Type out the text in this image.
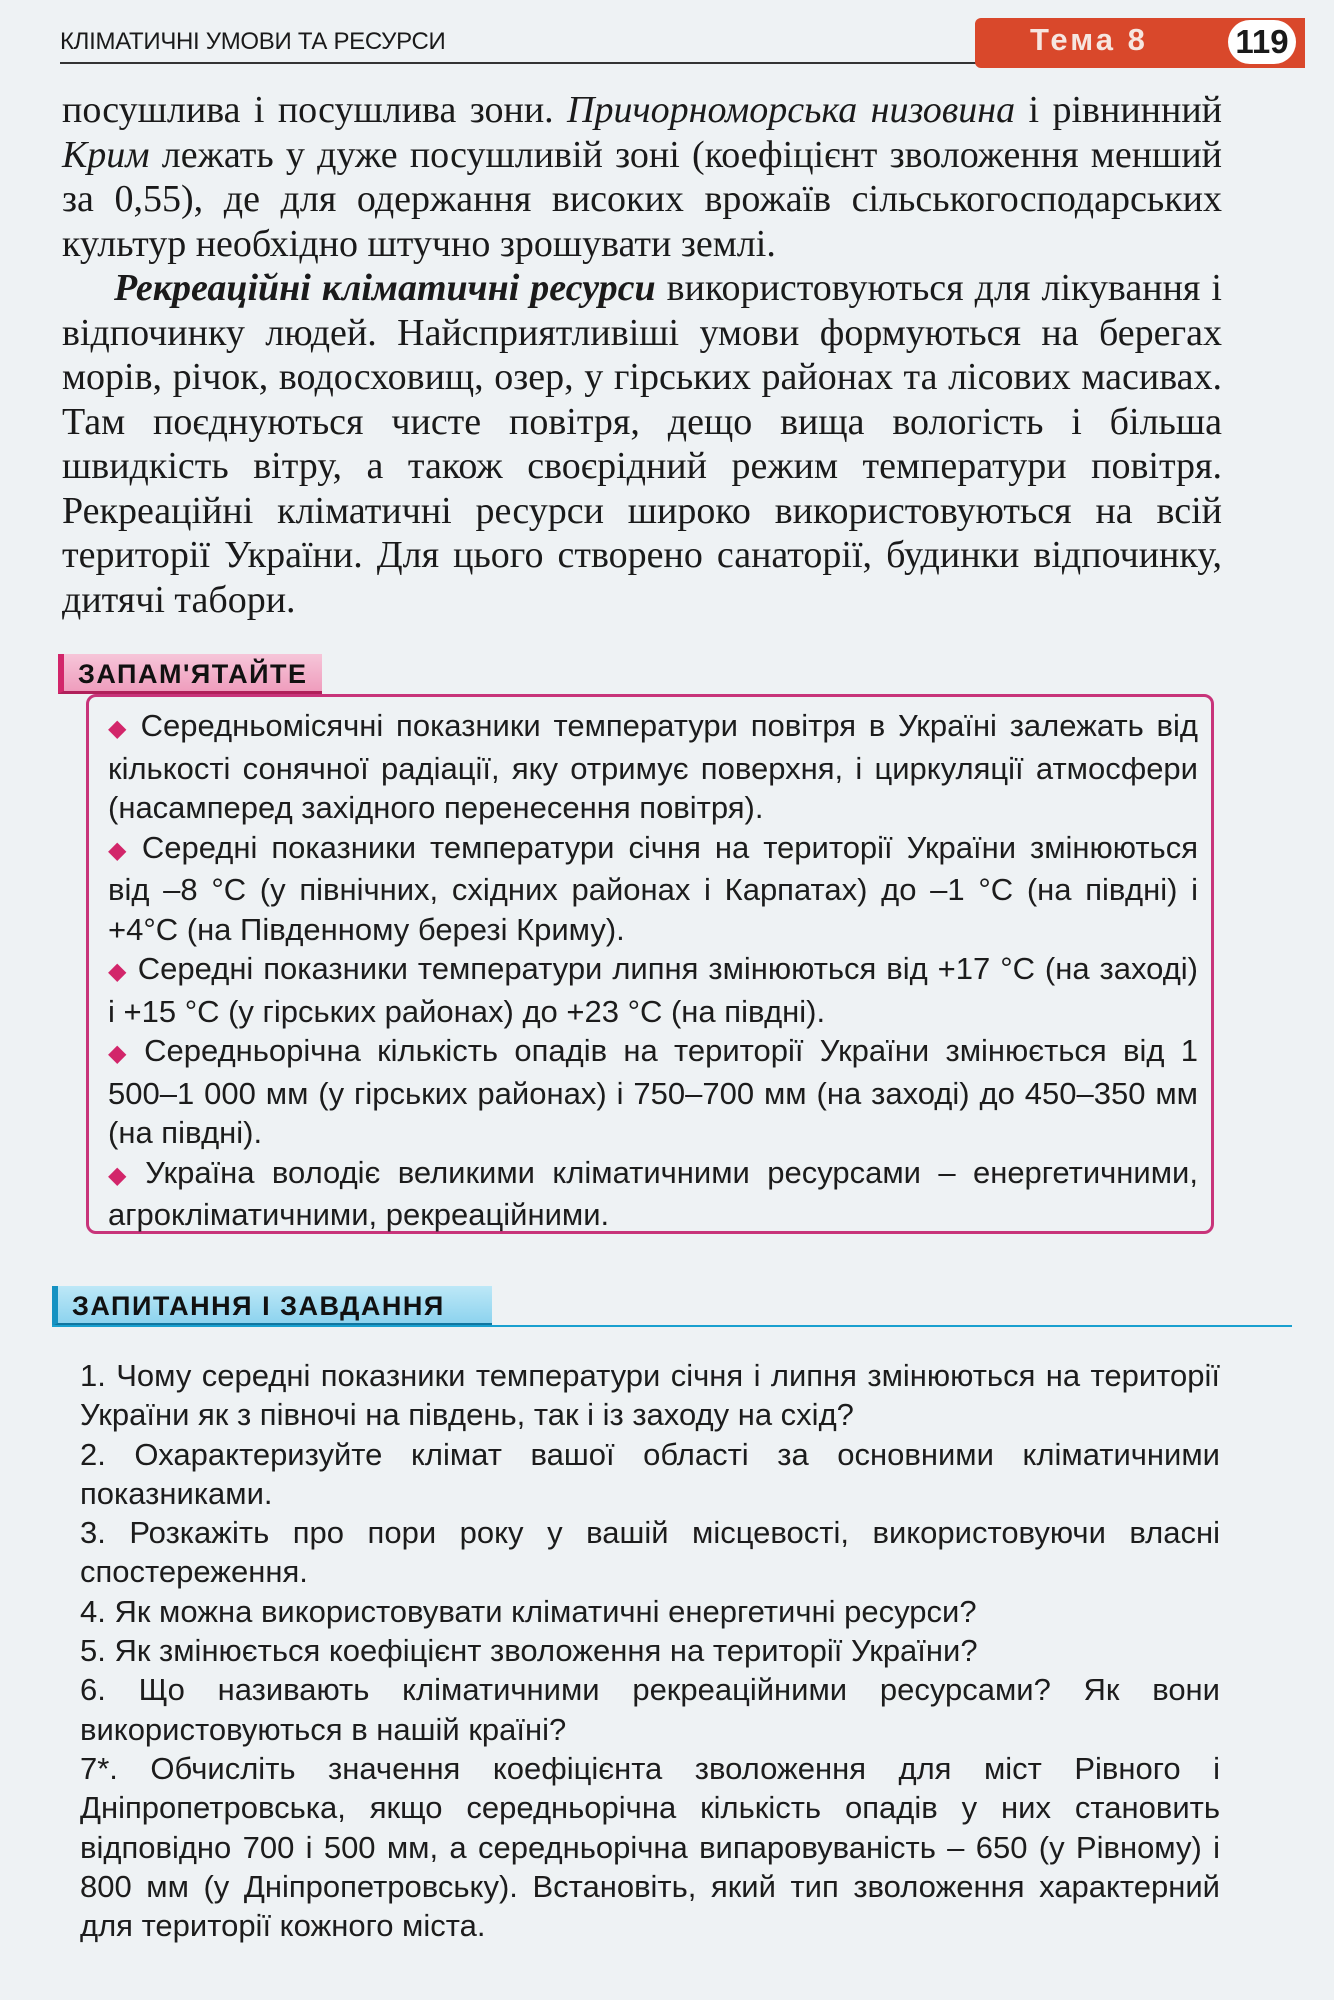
КЛІМАТИЧНІ УМОВИ ТА РЕСУРСИ	Тема 8	119

посушлива і посушлива зони. Причорноморська низовина і рівнинний Крим лежать у дуже посушливій зоні (коефіцієнт зволоження менший за 0,55), де для одержання високих врожаїв сільськогосподарських культур необхідно штучно зрошувати землі.

Рекреаційні кліматичні ресурси використовуються для лікування і відпочинку людей. Найсприятливіші умови формуються на берегах морів, річок, водосховищ, озер, у гірських районах та лісових масивах. Там поєднуються чисте повітря, дещо вища вологість і більша швидкість вітру, а також своєрідний режим температури повітря. Рекреаційні кліматичні ресурси широко використовуються на всій території України. Для цього створено санаторії, будинки відпочинку, дитячі табори.

ЗАПАМ'ЯТАЙТЕ
◆ Середньомісячні показники температури повітря в Україні залежать від кількості сонячної радіації, яку отримує поверхня, і циркуляції атмосфери (насамперед західного перенесення повітря).
◆ Середні показники температури січня на території України змінюються від –8 °С (у північних, східних районах і Карпатах) до –1 °С (на півдні) і +4°С (на Південному березі Криму).
◆ Середні показники температури липня змінюються від +17 °С (на заході) і +15 °С (у гірських районах) до +23 °С (на півдні).
◆ Середньорічна кількість опадів на території України змінюється від 1 500–1 000 мм (у гірських районах) і 750–700 мм (на заході) до 450–350 мм (на півдні).
◆ Україна володіє великими кліматичними ресурсами – енергетичними, агрокліматичними, рекреаційними.
ЗАПИТАННЯ І ЗАВДАННЯ
1. Чому середні показники температури січня і липня змінюються на території України як з півночі на південь, так і із заходу на схід?
2. Охарактеризуйте клімат вашої області за основними кліматичними показниками.
3. Розкажіть про пори року у вашій місцевості, використовуючи власні спостереження.
4. Як можна використовувати кліматичні енергетичні ресурси?
5. Як змінюється коефіцієнт зволоження на території України?
6. Що називають кліматичними рекреаційними ресурсами? Як вони використовуються в нашій країні?
7*. Обчисліть значення коефіцієнта зволоження для міст Рівного і Дніпропетровська, якщо середньорічна кількість опадів у них становить відповідно 700 і 500 мм, а середньорічна випаровуваність – 650 (у Рівному) і 800 мм (у Дніпропетровську). Встановіть, який тип зволоження характерний для території кожного міста.
